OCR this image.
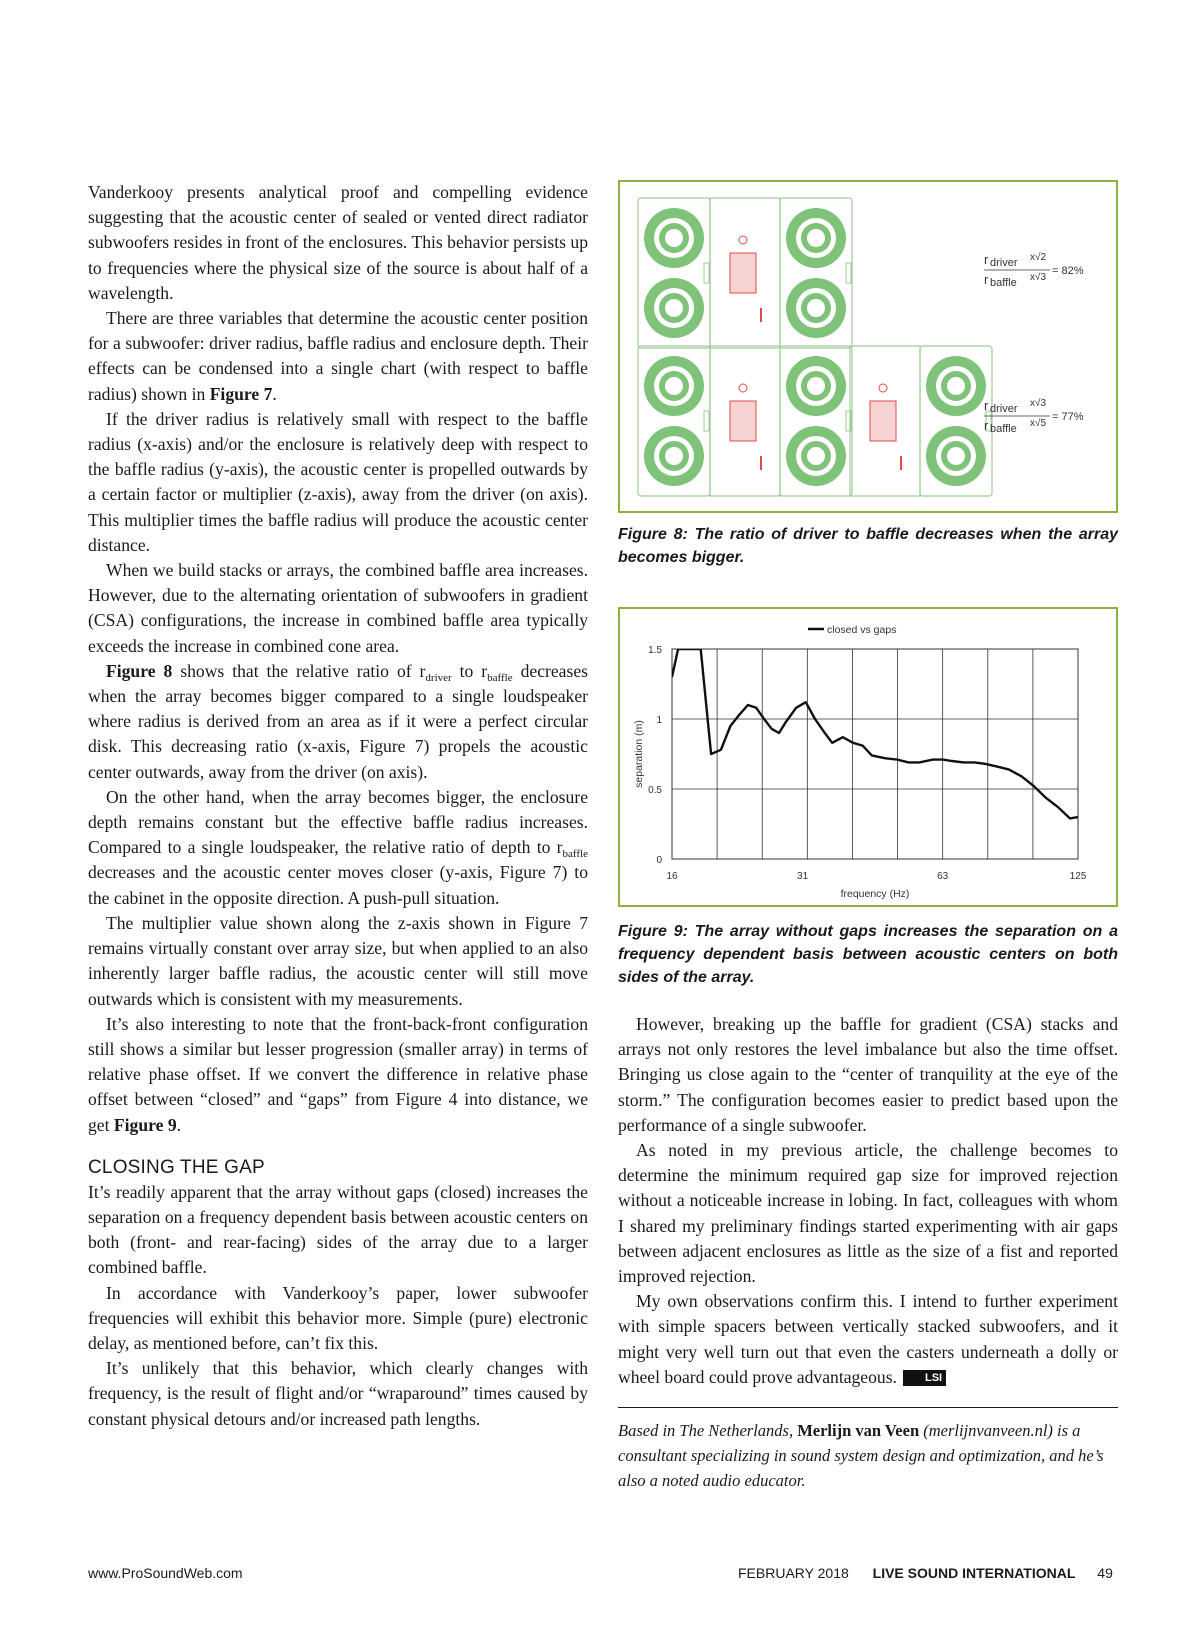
Vanderkooy presents analytical proof and compelling evidence suggesting that the acoustic center of sealed or vented direct radiator subwoofers resides in front of the enclosures. This behavior persists up to frequencies where the physical size of the source is about half of a wavelength.

There are three variables that determine the acoustic center position for a subwoofer: driver radius, baffle radius and enclosure depth. Their effects can be condensed into a single chart (with respect to baffle radius) shown in Figure 7.

If the driver radius is relatively small with respect to the baffle radius (x-axis) and/or the enclosure is relatively deep with respect to the baffle radius (y-axis), the acoustic center is propelled outwards by a certain factor or multiplier (z-axis), away from the driver (on axis). This multiplier times the baffle radius will produce the acoustic center distance.

When we build stacks or arrays, the combined baffle area increases. However, due to the alternating orientation of subwoofers in gradient (CSA) configurations, the increase in combined baffle area typically exceeds the increase in combined cone area.

Figure 8 shows that the relative ratio of $r_{driver}$ to $r_{baffle}$ decreases when the array becomes bigger compared to a single loudspeaker where radius is derived from an area as if it were a perfect circular disk. This decreasing ratio (x-axis, Figure 7) propels the acoustic center outwards, away from the driver (on axis).

On the other hand, when the array becomes bigger, the enclosure depth remains constant but the effective baffle radius increases. Compared to a single loudspeaker, the relative ratio of depth to $r_{baffle}$ decreases and the acoustic center moves closer (y-axis, Figure 7) to the cabinet in the opposite direction. A push-pull situation.

The multiplier value shown along the z-axis shown in Figure 7 remains virtually constant over array size, but when applied to an also inherently larger baffle radius, the acoustic center will still move outwards which is consistent with my measurements.

It’s also interesting to note that the front-back-front configuration still shows a similar but lesser progression (smaller array) in terms of relative phase offset. If we convert the difference in relative phase offset between “closed” and “gaps” from Figure 4 into distance, we get Figure 9.

CLOSING THE GAP

It’s readily apparent that the array without gaps (closed) increases the separation on a frequency dependent basis between acoustic centers on both (front- and rear-facing) sides of the array due to a larger combined baffle.

In accordance with Vanderkooy’s paper, lower subwoofer frequencies will exhibit this behavior more. Simple (pure) electronic delay, as mentioned before, can’t fix this.

It’s unlikely that this behavior, which clearly changes with frequency, is the result of flight and/or “wraparound” times caused by constant physical detours and/or increased path lengths.

r driver x√2
r baffle x√3
= 82%
r driver x√3
r baffle x√5
= 77%

Figure 8: The ratio of driver to baffle decreases when the array becomes bigger.

0
0.5
1
1.5
16	31	63	125
frequency (Hz)
separation (m)
closed vs gaps

Figure 9: The array without gaps increases the separation on a frequency dependent basis between acoustic centers on both sides of the array.

However, breaking up the baffle for gradient (CSA) stacks and arrays not only restores the level imbalance but also the time offset. Bringing us close again to the “center of tranquility at the eye of the storm.” The configuration becomes easier to predict based upon the performance of a single subwoofer.

As noted in my previous article, the challenge becomes to determine the minimum required gap size for improved rejection without a noticeable increase in lobing. In fact, colleagues with whom I shared my preliminary findings started experimenting with air gaps between adjacent enclosures as little as the size of a fist and reported improved rejection.

My own observations confirm this. I intend to further experiment with simple spacers between vertically stacked subwoofers, and it might very well turn out that even the casters underneath a dolly or wheel board could prove advantageous.	LSI

Based in The Netherlands, Merlijn van Veen (merlijnvanveen.nl) is a consultant specializing in sound system design and optimization, and he’s also a noted audio educator.

www.ProSoundWeb.com	FEBRUARY 2018 LIVE SOUND INTERNATIONAL 49
